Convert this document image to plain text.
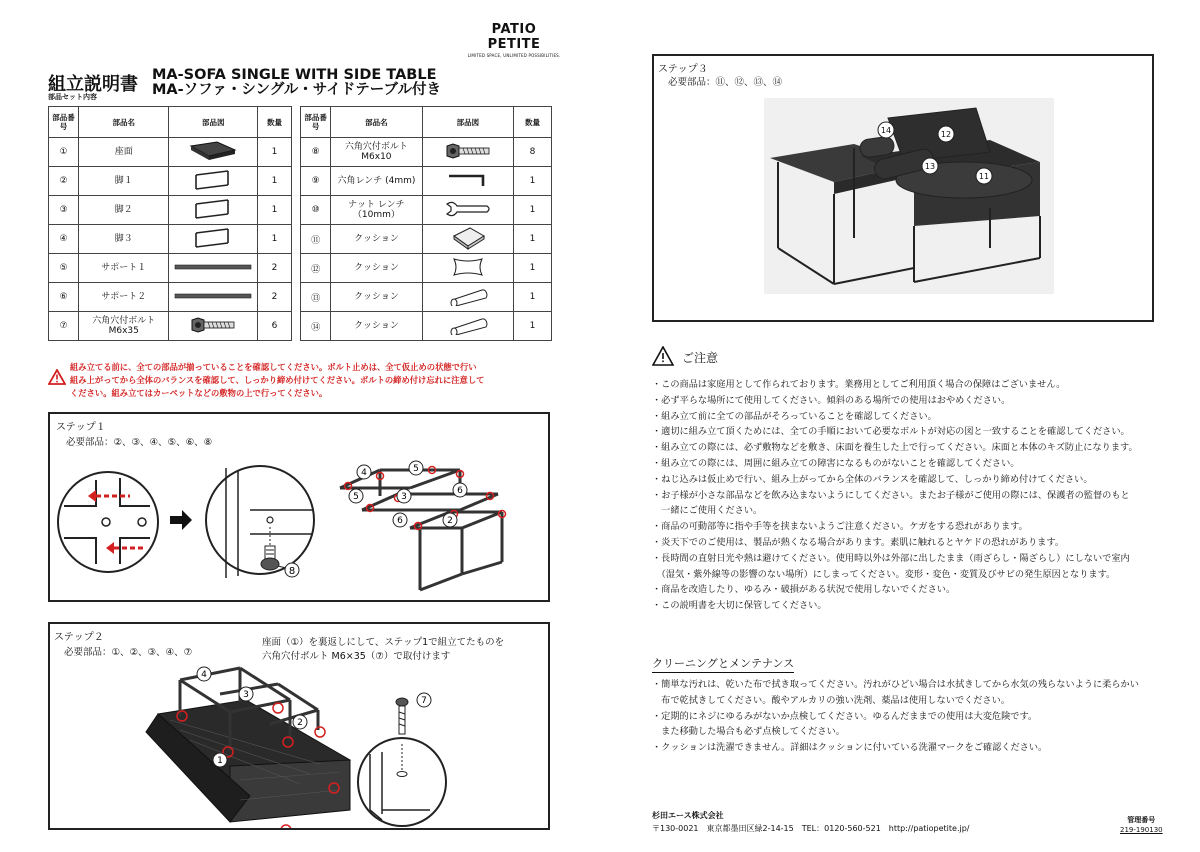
PATIO PETITE
LIMITED SPACE, UNLIMITED POSSIBILITIES.
組立説明書
部品セット内容
MA-SOFA SINGLE WITH SIDE TABLE
MA-ソファ・シングル・サイドテーブル付き
部品番号	部品名	部品図	数量
①	座面		1
②	脚１		1
③	脚２		1
④	脚３		1
⑤	サポート１		2
⑥	サポート２		2
⑦	六角穴付ボルト M6x35		6
部品番号	部品名	部品図	数量
⑧	六角穴付ボルト M6x10		8
⑨	六角レンチ (4mm)		1
⑩	ナット レンチ（10mm）		1
⑪	クッション		1
⑫	クッション		1
⑬	クッション		1
⑭	クッション		1
組み立てる前に、全ての部品が揃っていることを確認してください。ボルト止めは、全て仮止めの状態で行い
組み上がってから全体のバランスを確認して、しっかり締め付けてください。ボルトの締め付け忘れに注意して
ください。組み立てはカーペットなどの敷物の上で行ってください。
ステップ１
必要部品：②、③、④、⑤、⑥、⑧
8
4	5
5	3
6
6	2
ステップ２
必要部品：①、②、③、④、⑦
座面（①）を裏返しにして、ステップ1で組立てたものを
六角穴付ボルト M6×35（⑦）で取付けます
4
3
2
1
7
ステップ３
必要部品：⑪、⑫、⑬、⑭
12
11
13
14
ご注意
・この商品は家庭用として作られております。業務用としてご利用頂く場合の保障はございません。
・必ず平らな場所にて使用してください。傾斜のある場所での使用はおやめください。
・組み立て前に全ての部品がそろっていることを確認してください。
・適切に組み立て頂くためには、全ての手順において必要なボルトが対応の図と一致することを確認してください。
・組み立ての際には、必ず敷物などを敷き、床面を養生した上で行ってください。床面と本体のキズ防止になります。
・組み立ての際には、周囲に組み立ての障害になるものがないことを確認してください。
・ねじ込みは仮止めで行い、組み上がってから全体のバランスを確認して、しっかり締め付けてください。
・お子様が小さな部品などを飲み込まないようにしてください。またお子様がご使用の際には、保護者の監督のもと
　一緒にご使用ください。
・商品の可動部等に指や手等を挟まないようご注意ください。ケガをする恐れがあります。
・炎天下でのご使用は、製品が熱くなる場合があります。素肌に触れるとヤケドの恐れがあります。
・長時間の直射日光や熱は避けてください。使用時以外は外部に出したまま（雨ざらし・陽ざらし）にしないで室内
　（湿気・紫外線等の影響のない場所）にしまってください。変形・変色・変質及びサビの発生原因となります。
・商品を改造したり、ゆるみ・破損がある状況で使用しないでください。
・この説明書を大切に保管してください。
クリーニングとメンテナンス
・簡単な汚れは、乾いた布で拭き取ってください。汚れがひどい場合は水拭きしてから水気の残らないように柔らかい
　布で乾拭きしてください。酸やアルカリの強い洗剤、薬品は使用しないでください。
・定期的にネジにゆるみがないか点検してください。ゆるんだままでの使用は大変危険です。
　また移動した場合も必ず点検してください。
・クッションは洗濯できません。詳細はクッションに付いている洗濯マークをご確認ください。
杉田エース株式会社
〒130-0021　東京都墨田区緑2-14-15　TEL：0120-560-521　http://patiopetite.jp/
管理番号
219-190130
